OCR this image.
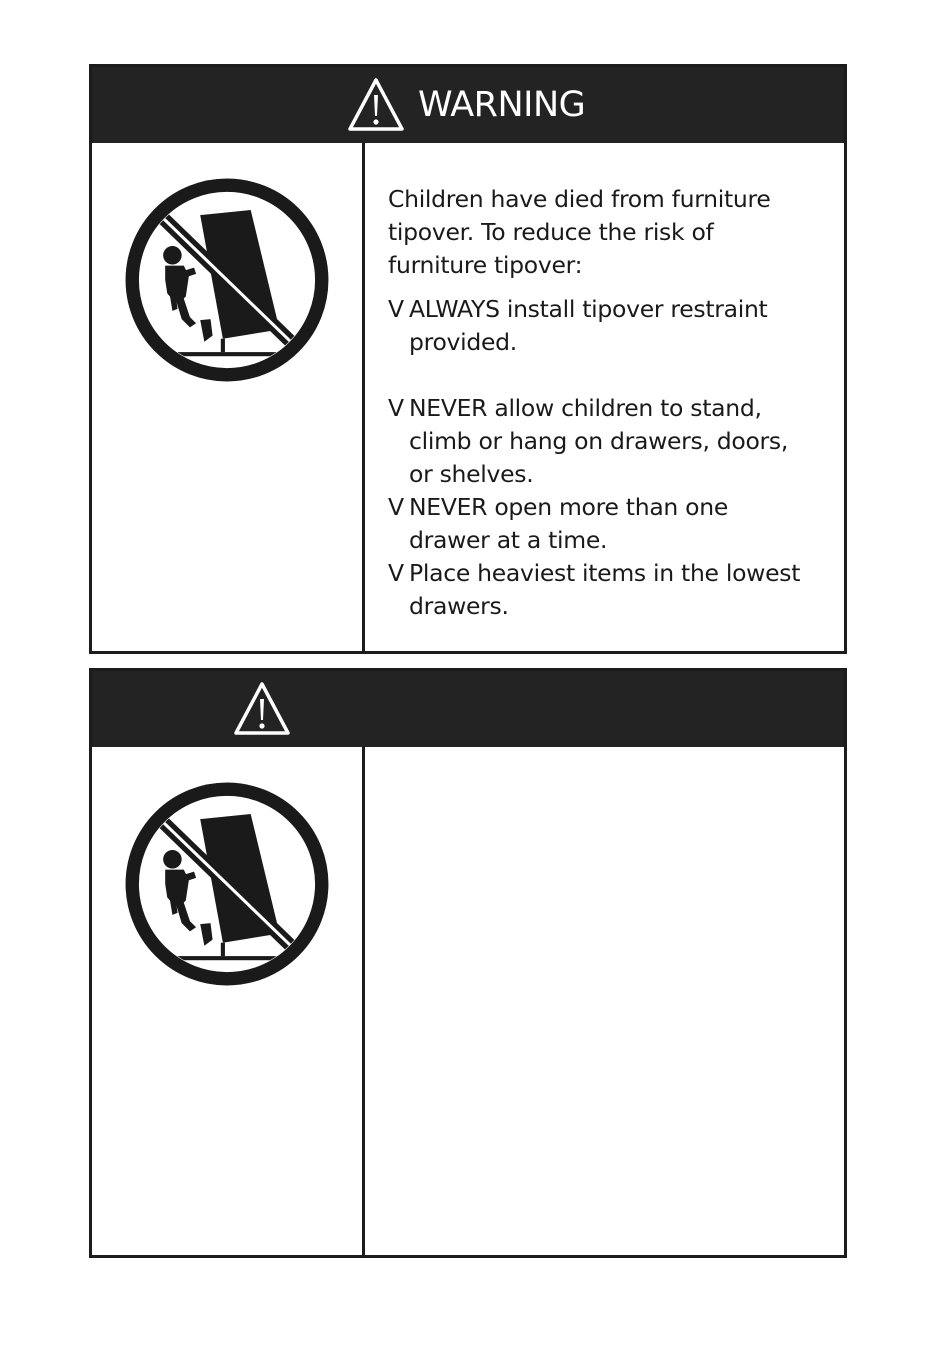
WARNING

Children have died from furniture tipover. To reduce the risk of furniture tipover:

V ALWAYS install tipover restraint provided.

V NEVER allow children to stand, climb or hang on drawers, doors, or shelves.

V NEVER open more than one drawer at a time.

V Place heaviest items in the lowest drawers.
